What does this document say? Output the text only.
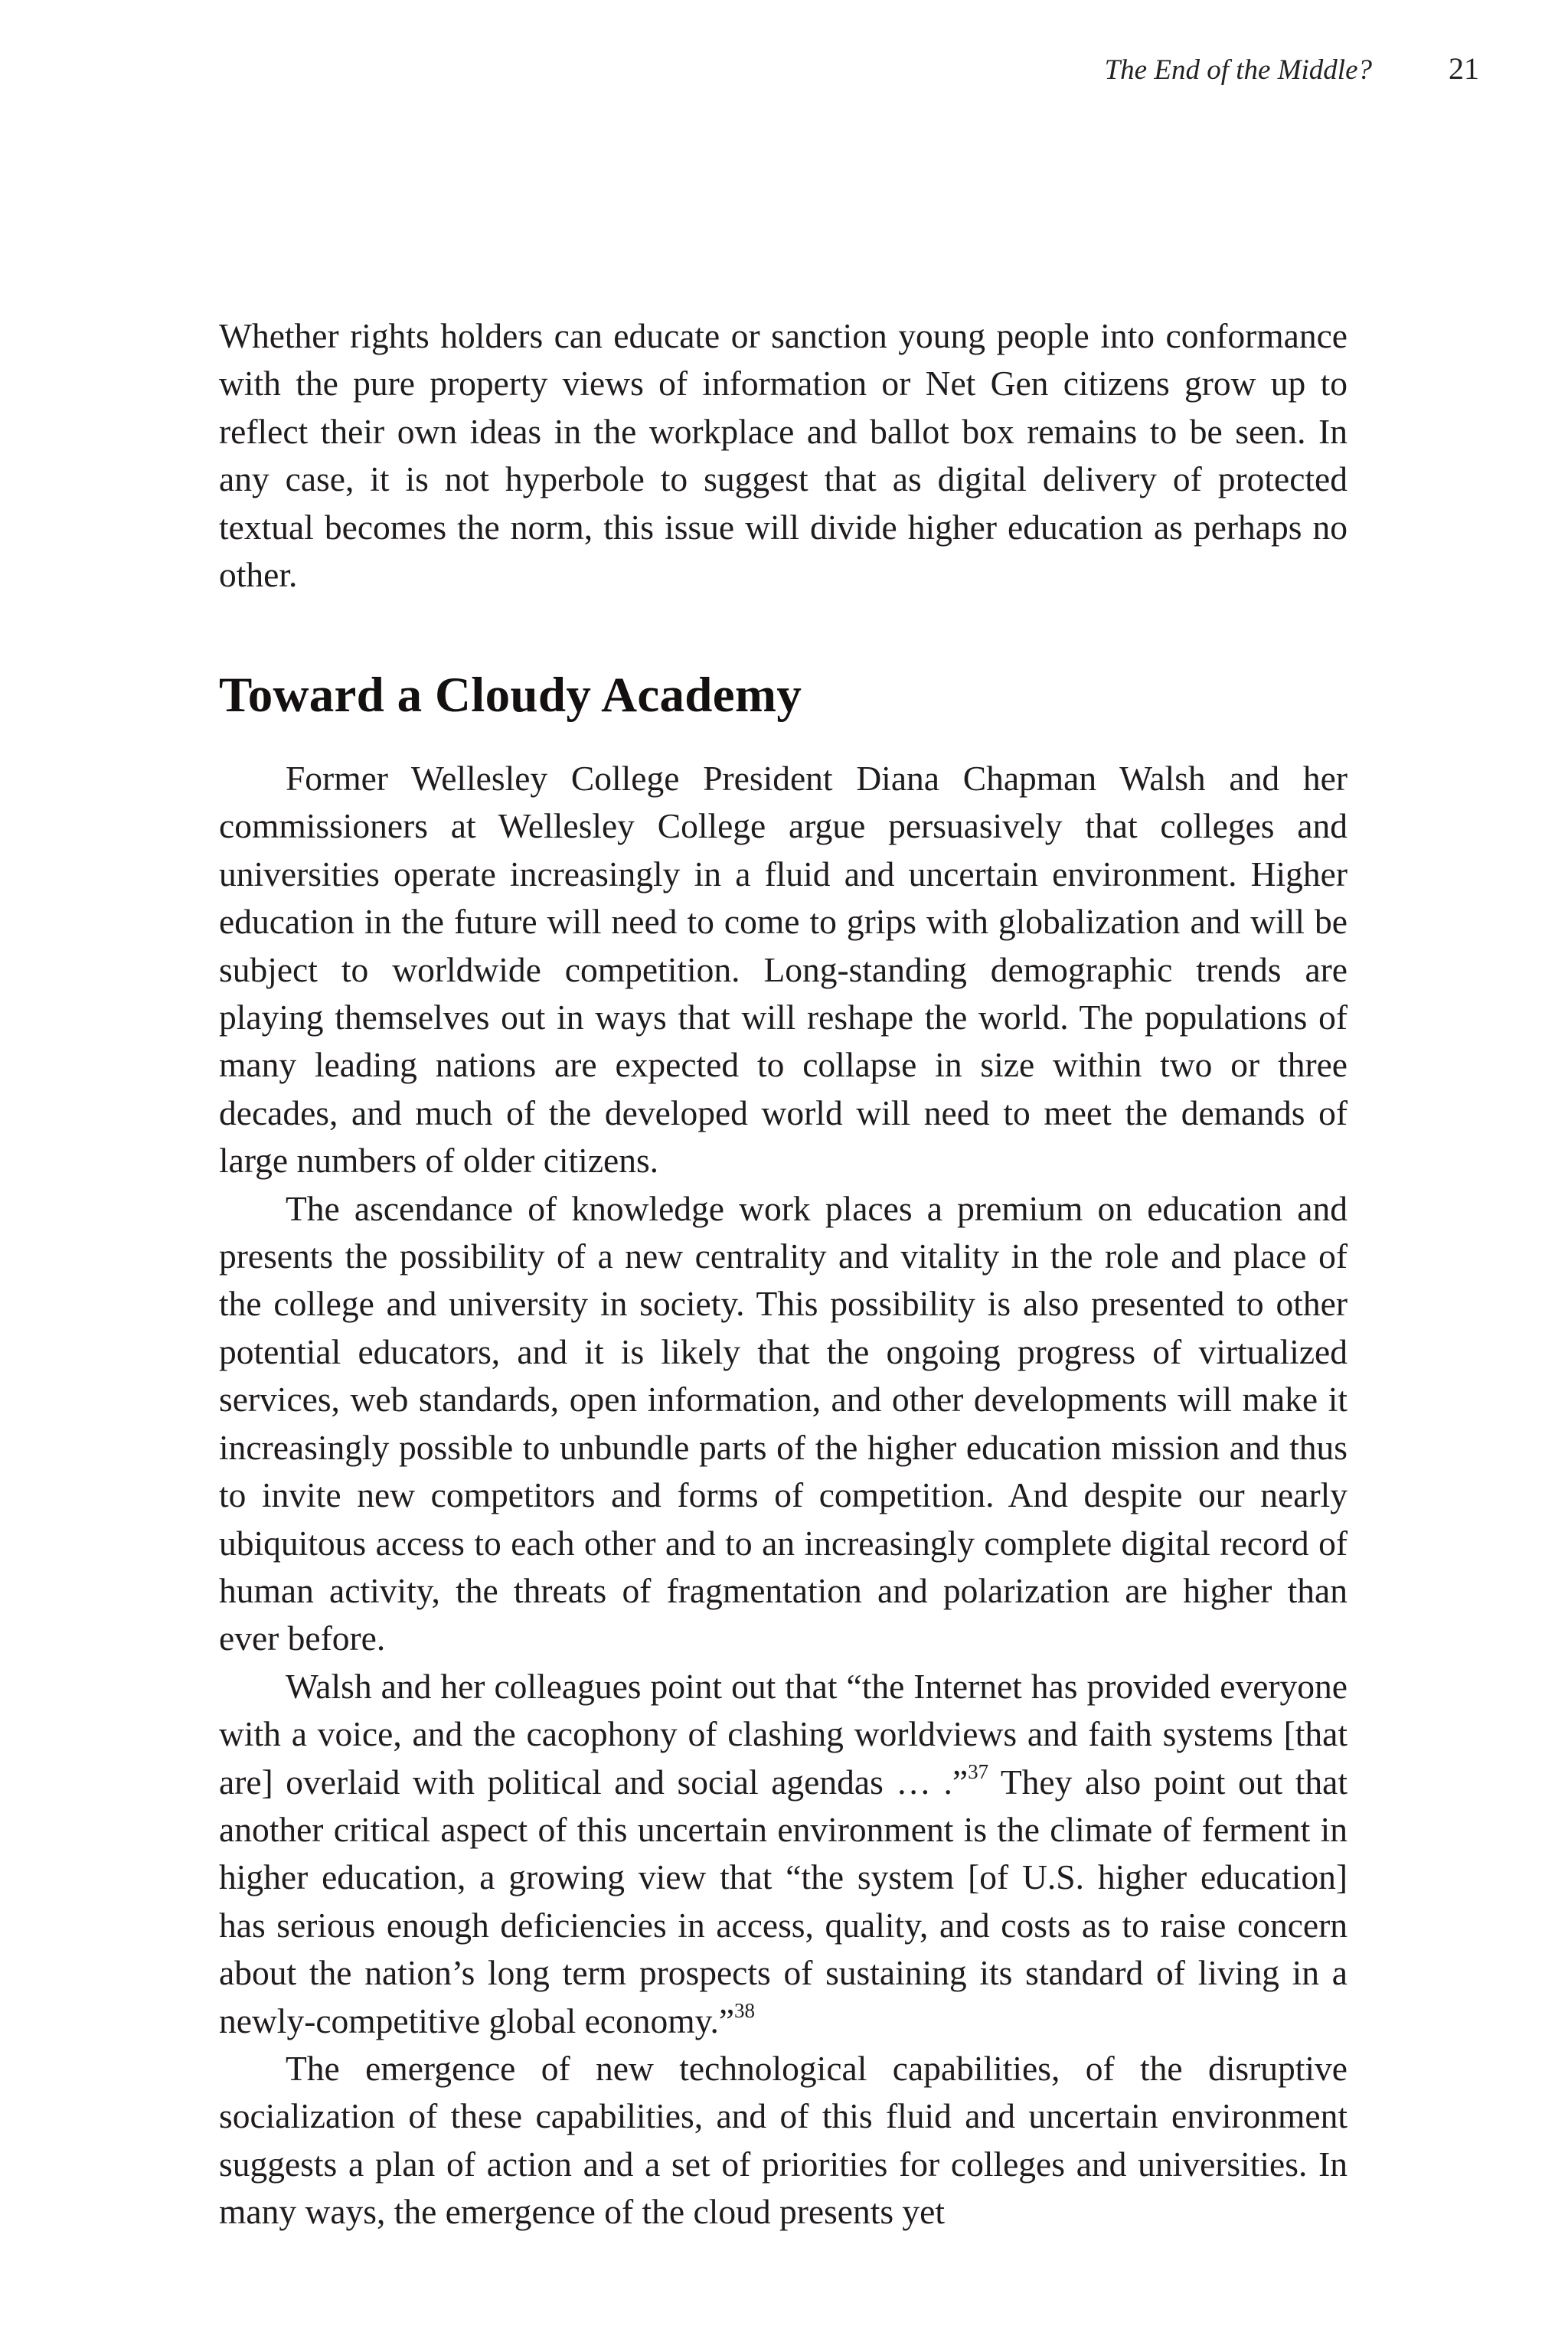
The End of the Middle?	21

Whether rights holders can educate or sanction young people into conformance with the pure property views of information or Net Gen citizens grow up to reflect their own ideas in the workplace and ballot box remains to be seen. In any case, it is not hyperbole to suggest that as digital delivery of protected textual becomes the norm, this issue will divide higher education as perhaps no other.

Toward a Cloudy Academy

Former Wellesley College President Diana Chapman Walsh and her commissioners at Wellesley College argue persuasively that colleges and universities operate increasingly in a fluid and uncertain environment. Higher education in the future will need to come to grips with globalization and will be subject to worldwide competition. Long-standing demographic trends are playing themselves out in ways that will reshape the world. The populations of many leading nations are expected to collapse in size within two or three decades, and much of the developed world will need to meet the demands of large numbers of older citizens.

The ascendance of knowledge work places a premium on education and presents the possibility of a new centrality and vitality in the role and place of the college and university in society. This possibility is also presented to other potential educators, and it is likely that the ongoing progress of virtualized services, web standards, open information, and other developments will make it increasingly possible to unbundle parts of the higher education mission and thus to invite new competitors and forms of competition. And despite our nearly ubiquitous access to each other and to an increasingly complete digital record of human activity, the threats of fragmentation and polarization are higher than ever before.

Walsh and her colleagues point out that “the Internet has provided everyone with a voice, and the cacophony of clashing worldviews and faith systems [that are] overlaid with political and social agendas … .”$^{37}$ They also point out that another critical aspect of this uncertain environment is the climate of ferment in higher education, a growing view that “the system [of U.S. higher education] has serious enough deficiencies in access, quality, and costs as to raise concern about the nation’s long term prospects of sustaining its standard of living in a newly-competitive global economy.”$^{38}$

The emergence of new technological capabilities, of the disruptive socialization of these capabilities, and of this fluid and uncertain environment suggests a plan of action and a set of priorities for colleges and universities. In many ways, the emergence of the cloud presents yet
